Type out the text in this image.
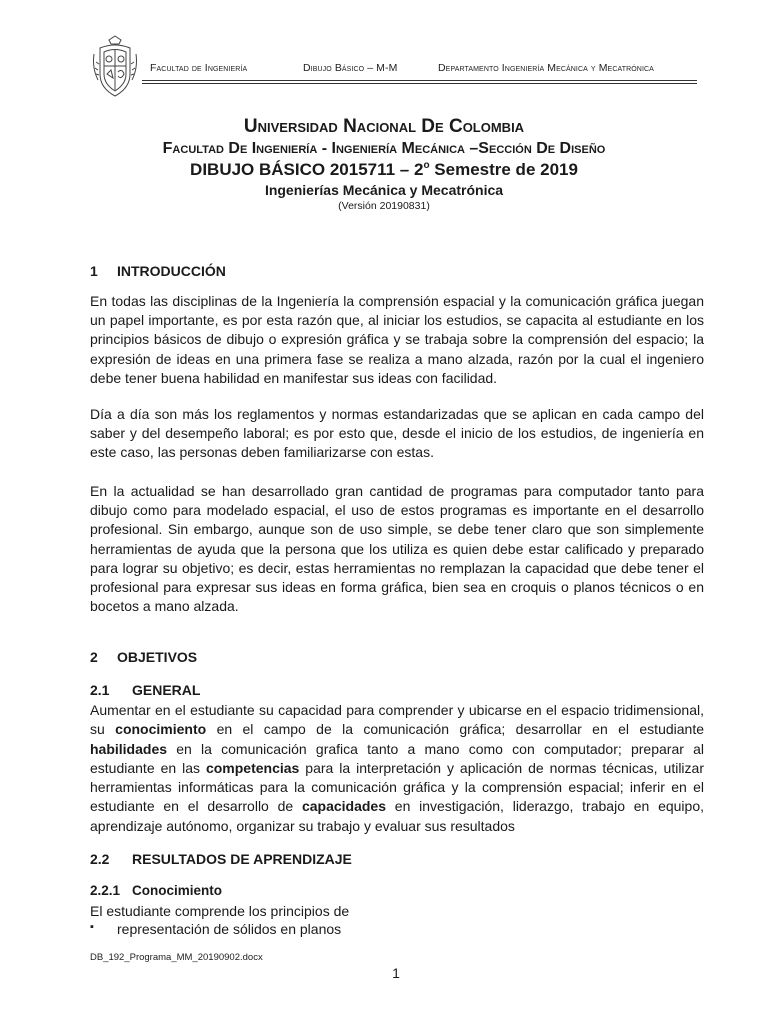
Facultad de Ingeniería	Dibujo Básico – M-M	Departamento Ingeniería Mecánica y Mecatrónica
Universidad Nacional De Colombia
Facultad De Ingeniería - Ingeniería Mecánica –Sección De Diseño
DIBUJO BÁSICO 2015711 – 2$^o$ Semestre de 2019
Ingenierías Mecánica y Mecatrónica
(Versión 20190831)
1 INTRODUCCIÓN
En todas las disciplinas de la Ingeniería la comprensión espacial y la comunicación gráfica juegan un papel importante, es por esta razón que, al iniciar los estudios, se capacita al estudiante en los principios básicos de dibujo o expresión gráfica y se trabaja sobre la comprensión del espacio; la expresión de ideas en una primera fase se realiza a mano alzada, razón por la cual el ingeniero debe tener buena habilidad en manifestar sus ideas con facilidad.
Día a día son más los reglamentos y normas estandarizadas que se aplican en cada campo del saber y del desempeño laboral; es por esto que, desde el inicio de los estudios, de ingeniería en este caso, las personas deben familiarizarse con estas.
En la actualidad se han desarrollado gran cantidad de programas para computador tanto para dibujo como para modelado espacial, el uso de estos programas es importante en el desarrollo profesional. Sin embargo, aunque son de uso simple, se debe tener claro que son simplemente herramientas de ayuda que la persona que los utiliza es quien debe estar calificado y preparado para lograr su objetivo; es decir, estas herramientas no remplazan la capacidad que debe tener el profesional para expresar sus ideas en forma gráfica, bien sea en croquis o planos técnicos o en bocetos a mano alzada.
2 OBJETIVOS
2.1 GENERAL
Aumentar en el estudiante su capacidad para comprender y ubicarse en el espacio tridimensional, su conocimiento en el campo de la comunicación gráfica; desarrollar en el estudiante habilidades en la comunicación grafica tanto a mano como con computador; preparar al estudiante en las competencias para la interpretación y aplicación de normas técnicas, utilizar herramientas informáticas para la comunicación gráfica y la comprensión espacial; inferir en el estudiante en el desarrollo de capacidades en investigación, liderazgo, trabajo en equipo, aprendizaje autónomo, organizar su trabajo y evaluar sus resultados
2.2 RESULTADOS DE APRENDIZAJE
2.2.1 Conocimiento
El estudiante comprende los principios de
▪ representación de sólidos en planos
DB_192_Programa_MM_20190902.docx
1
